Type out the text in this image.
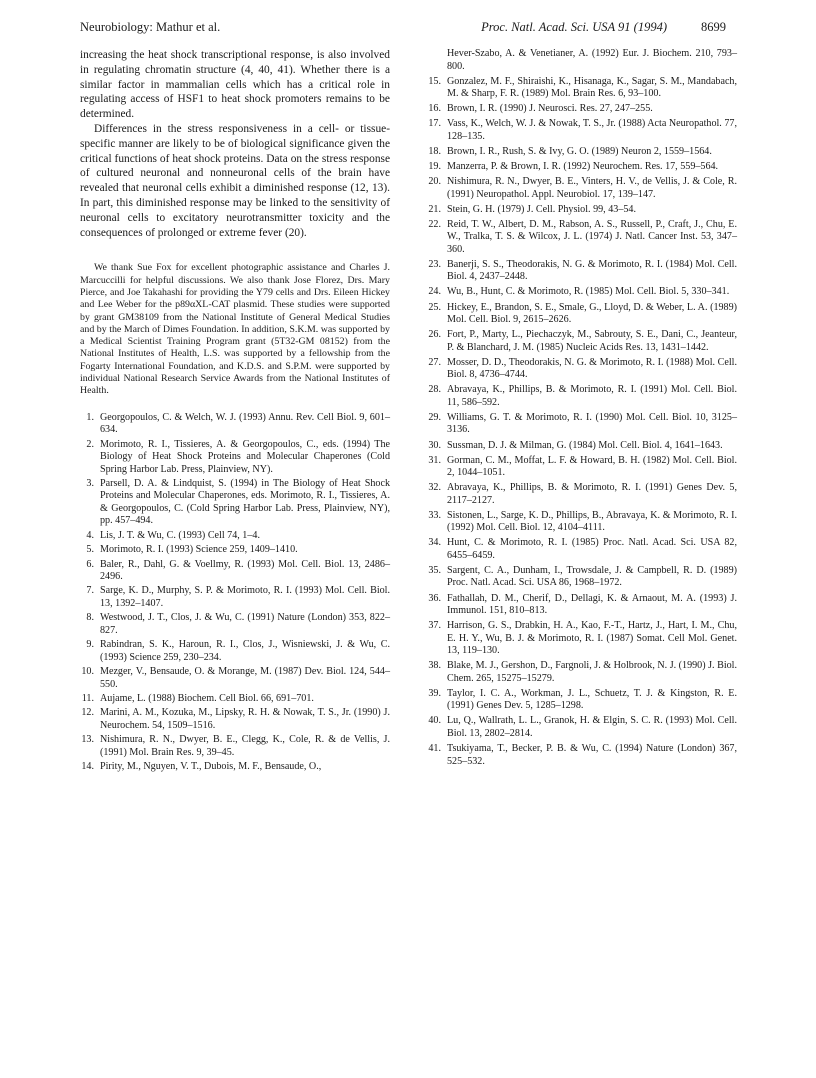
Neurobiology: Mathur et al.	Proc. Natl. Acad. Sci. USA 91 (1994)	8699

increasing the heat shock transcriptional response, is also involved in regulating chromatin structure (4, 40, 41). Whether there is a similar factor in mammalian cells which has a critical role in regulating access of HSF1 to heat shock promoters remains to be determined.

Differences in the stress responsiveness in a cell- or tissue-specific manner are likely to be of biological significance given the critical functions of heat shock proteins. Data on the stress response of cultured neuronal and nonneuronal cells of the brain have revealed that neuronal cells exhibit a diminished response (12, 13). In part, this diminished response may be linked to the sensitivity of neuronal cells to excitatory neurotransmitter toxicity and the consequences of prolonged or extreme fever (20).

We thank Sue Fox for excellent photographic assistance and Charles J. Marcuccilli for helpful discussions. We also thank Jose Florez, Drs. Mary Pierce, and Joe Takahashi for providing the Y79 cells and Drs. Eileen Hickey and Lee Weber for the p89αXL-CAT plasmid. These studies were supported by grant GM38109 from the National Institute of General Medical Studies and by the March of Dimes Foundation. In addition, S.K.M. was supported by a Medical Scientist Training Program grant (5T32-GM 08152) from the National Institutes of Health, L.S. was supported by a fellowship from the Fogarty International Foundation, and K.D.S. and S.P.M. were supported by individual National Research Service Awards from the National Institutes of Health.

1. Georgopoulos, C. & Welch, W. J. (1993) Annu. Rev. Cell Biol. 9, 601–634.
2. Morimoto, R. I., Tissieres, A. & Georgopoulos, C., eds. (1994) The Biology of Heat Shock Proteins and Molecular Chaperones (Cold Spring Harbor Lab. Press, Plainview, NY).
3. Parsell, D. A. & Lindquist, S. (1994) in The Biology of Heat Shock Proteins and Molecular Chaperones, eds. Morimoto, R. I., Tissieres, A. & Georgopoulos, C. (Cold Spring Harbor Lab. Press, Plainview, NY), pp. 457–494.
4. Lis, J. T. & Wu, C. (1993) Cell 74, 1–4.
5. Morimoto, R. I. (1993) Science 259, 1409–1410.
6. Baler, R., Dahl, G. & Voellmy, R. (1993) Mol. Cell. Biol. 13, 2486–2496.
7. Sarge, K. D., Murphy, S. P. & Morimoto, R. I. (1993) Mol. Cell. Biol. 13, 1392–1407.
8. Westwood, J. T., Clos, J. & Wu, C. (1991) Nature (London) 353, 822–827.
9. Rabindran, S. K., Haroun, R. I., Clos, J., Wisniewski, J. & Wu, C. (1993) Science 259, 230–234.
10. Mezger, V., Bensaude, O. & Morange, M. (1987) Dev. Biol. 124, 544–550.
11. Aujame, L. (1988) Biochem. Cell Biol. 66, 691–701.
12. Marini, A. M., Kozuka, M., Lipsky, R. H. & Nowak, T. S., Jr. (1990) J. Neurochem. 54, 1509–1516.
13. Nishimura, R. N., Dwyer, B. E., Clegg, K., Cole, R. & de Vellis, J. (1991) Mol. Brain Res. 9, 39–45.
14. Pirity, M., Nguyen, V. T., Dubois, M. F., Bensaude, O.,
Hever-Szabo, A. & Venetianer, A. (1992) Eur. J. Biochem. 210, 793–800.
15. Gonzalez, M. F., Shiraishi, K., Hisanaga, K., Sagar, S. M., Mandabach, M. & Sharp, F. R. (1989) Mol. Brain Res. 6, 93–100.
16. Brown, I. R. (1990) J. Neurosci. Res. 27, 247–255.
17. Vass, K., Welch, W. J. & Nowak, T. S., Jr. (1988) Acta Neuropathol. 77, 128–135.
18. Brown, I. R., Rush, S. & Ivy, G. O. (1989) Neuron 2, 1559–1564.
19. Manzerra, P. & Brown, I. R. (1992) Neurochem. Res. 17, 559–564.
20. Nishimura, R. N., Dwyer, B. E., Vinters, H. V., de Vellis, J. & Cole, R. (1991) Neuropathol. Appl. Neurobiol. 17, 139–147.
21. Stein, G. H. (1979) J. Cell. Physiol. 99, 43–54.
22. Reid, T. W., Albert, D. M., Rabson, A. S., Russell, P., Craft, J., Chu, E. W., Tralka, T. S. & Wilcox, J. L. (1974) J. Natl. Cancer Inst. 53, 347–360.
23. Banerji, S. S., Theodorakis, N. G. & Morimoto, R. I. (1984) Mol. Cell. Biol. 4, 2437–2448.
24. Wu, B., Hunt, C. & Morimoto, R. (1985) Mol. Cell. Biol. 5, 330–341.
25. Hickey, E., Brandon, S. E., Smale, G., Lloyd, D. & Weber, L. A. (1989) Mol. Cell. Biol. 9, 2615–2626.
26. Fort, P., Marty, L., Piechaczyk, M., Sabrouty, S. E., Dani, C., Jeanteur, P. & Blanchard, J. M. (1985) Nucleic Acids Res. 13, 1431–1442.
27. Mosser, D. D., Theodorakis, N. G. & Morimoto, R. I. (1988) Mol. Cell. Biol. 8, 4736–4744.
28. Abravaya, K., Phillips, B. & Morimoto, R. I. (1991) Mol. Cell. Biol. 11, 586–592.
29. Williams, G. T. & Morimoto, R. I. (1990) Mol. Cell. Biol. 10, 3125–3136.
30. Sussman, D. J. & Milman, G. (1984) Mol. Cell. Biol. 4, 1641–1643.
31. Gorman, C. M., Moffat, L. F. & Howard, B. H. (1982) Mol. Cell. Biol. 2, 1044–1051.
32. Abravaya, K., Phillips, B. & Morimoto, R. I. (1991) Genes Dev. 5, 2117–2127.
33. Sistonen, L., Sarge, K. D., Phillips, B., Abravaya, K. & Morimoto, R. I. (1992) Mol. Cell. Biol. 12, 4104–4111.
34. Hunt, C. & Morimoto, R. I. (1985) Proc. Natl. Acad. Sci. USA 82, 6455–6459.
35. Sargent, C. A., Dunham, I., Trowsdale, J. & Campbell, R. D. (1989) Proc. Natl. Acad. Sci. USA 86, 1968–1972.
36. Fathallah, D. M., Cherif, D., Dellagi, K. & Arnaout, M. A. (1993) J. Immunol. 151, 810–813.
37. Harrison, G. S., Drabkin, H. A., Kao, F.-T., Hartz, J., Hart, I. M., Chu, E. H. Y., Wu, B. J. & Morimoto, R. I. (1987) Somat. Cell Mol. Genet. 13, 119–130.
38. Blake, M. J., Gershon, D., Fargnoli, J. & Holbrook, N. J. (1990) J. Biol. Chem. 265, 15275–15279.
39. Taylor, I. C. A., Workman, J. L., Schuetz, T. J. & Kingston, R. E. (1991) Genes Dev. 5, 1285–1298.
40. Lu, Q., Wallrath, L. L., Granok, H. & Elgin, S. C. R. (1993) Mol. Cell. Biol. 13, 2802–2814.
41. Tsukiyama, T., Becker, P. B. & Wu, C. (1994) Nature (London) 367, 525–532.
